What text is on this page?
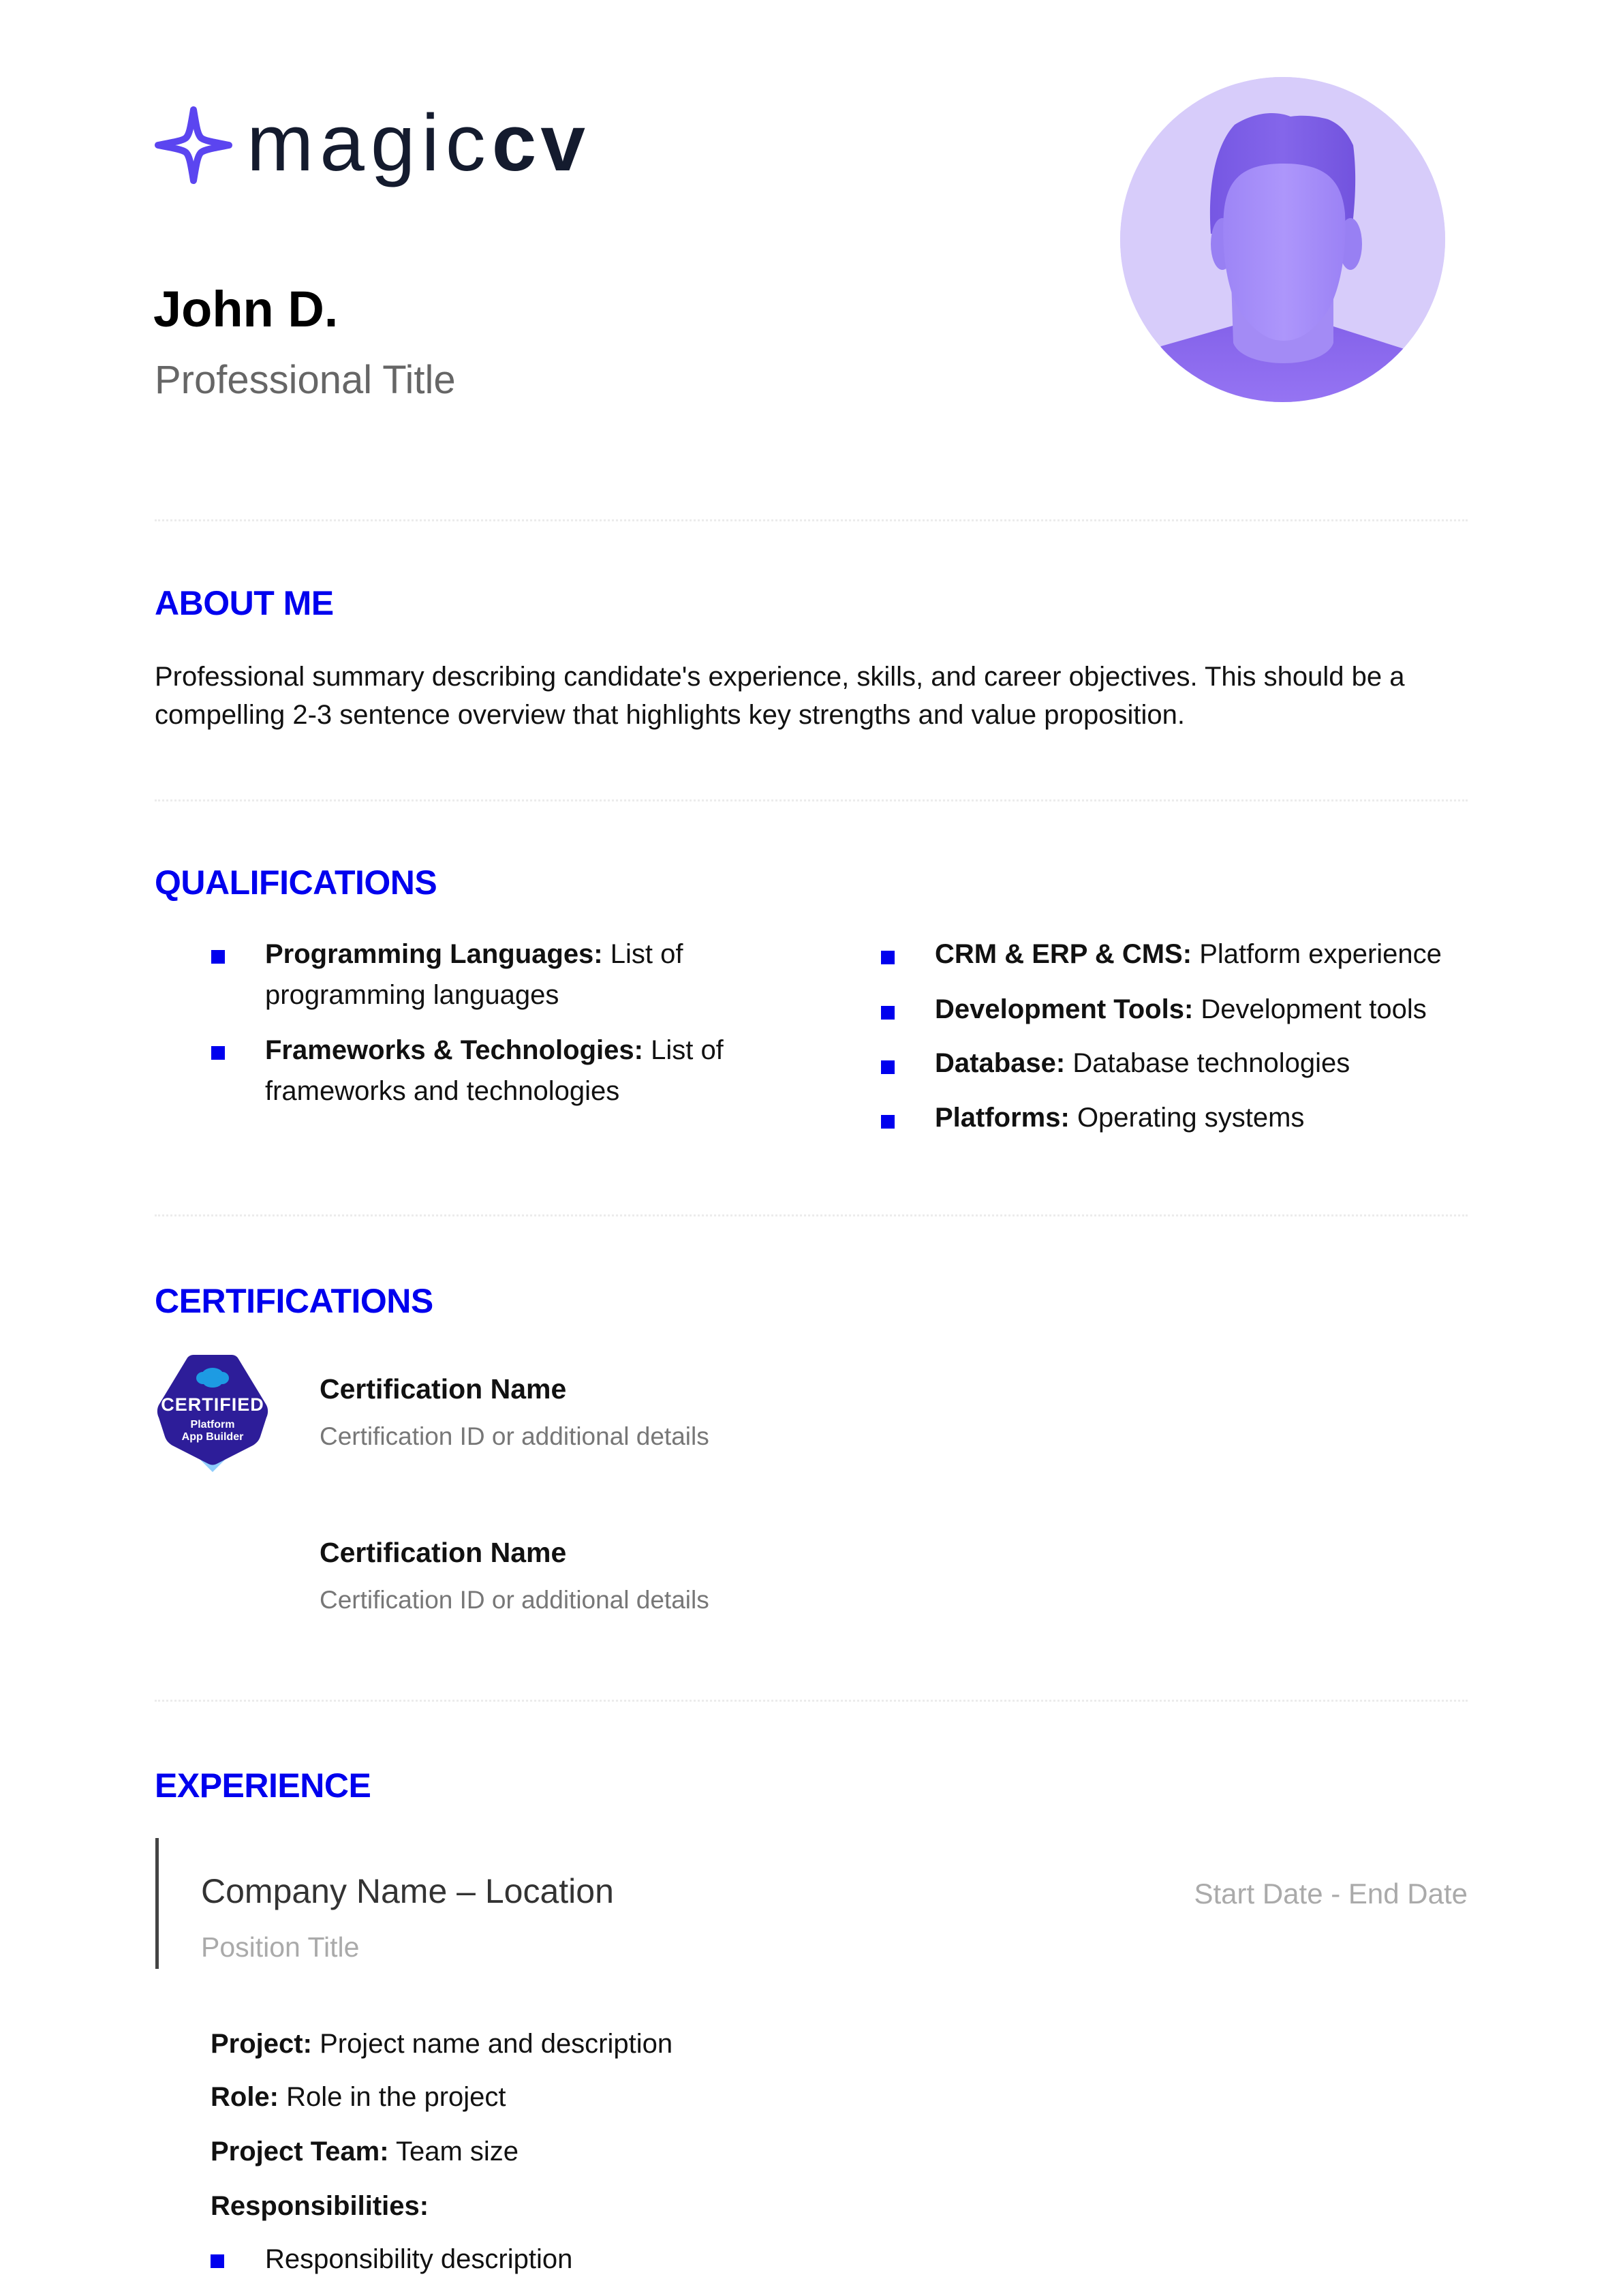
magiccv
John D.
Professional Title
ABOUT ME
Professional summary describing candidate's experience, skills, and career objectives. This should be a compelling 2-3 sentence overview that highlights key strengths and value proposition.
QUALIFICATIONS
Programming Languages: List of
programming languages
Frameworks & Technologies: List of
frameworks and technologies
CRM & ERP & CMS: Platform experience
Development Tools: Development tools
Database: Database technologies
Platforms: Operating systems
CERTIFICATIONS
CERTIFIED
Platform
App Builder
Certification Name
Certification ID or additional details
Certification Name
Certification ID or additional details
EXPERIENCE
Company Name – Location
Position Title
Start Date - End Date
Project: Project name and description
Role: Role in the project
Project Team: Team size
Responsibilities:
Responsibility description
